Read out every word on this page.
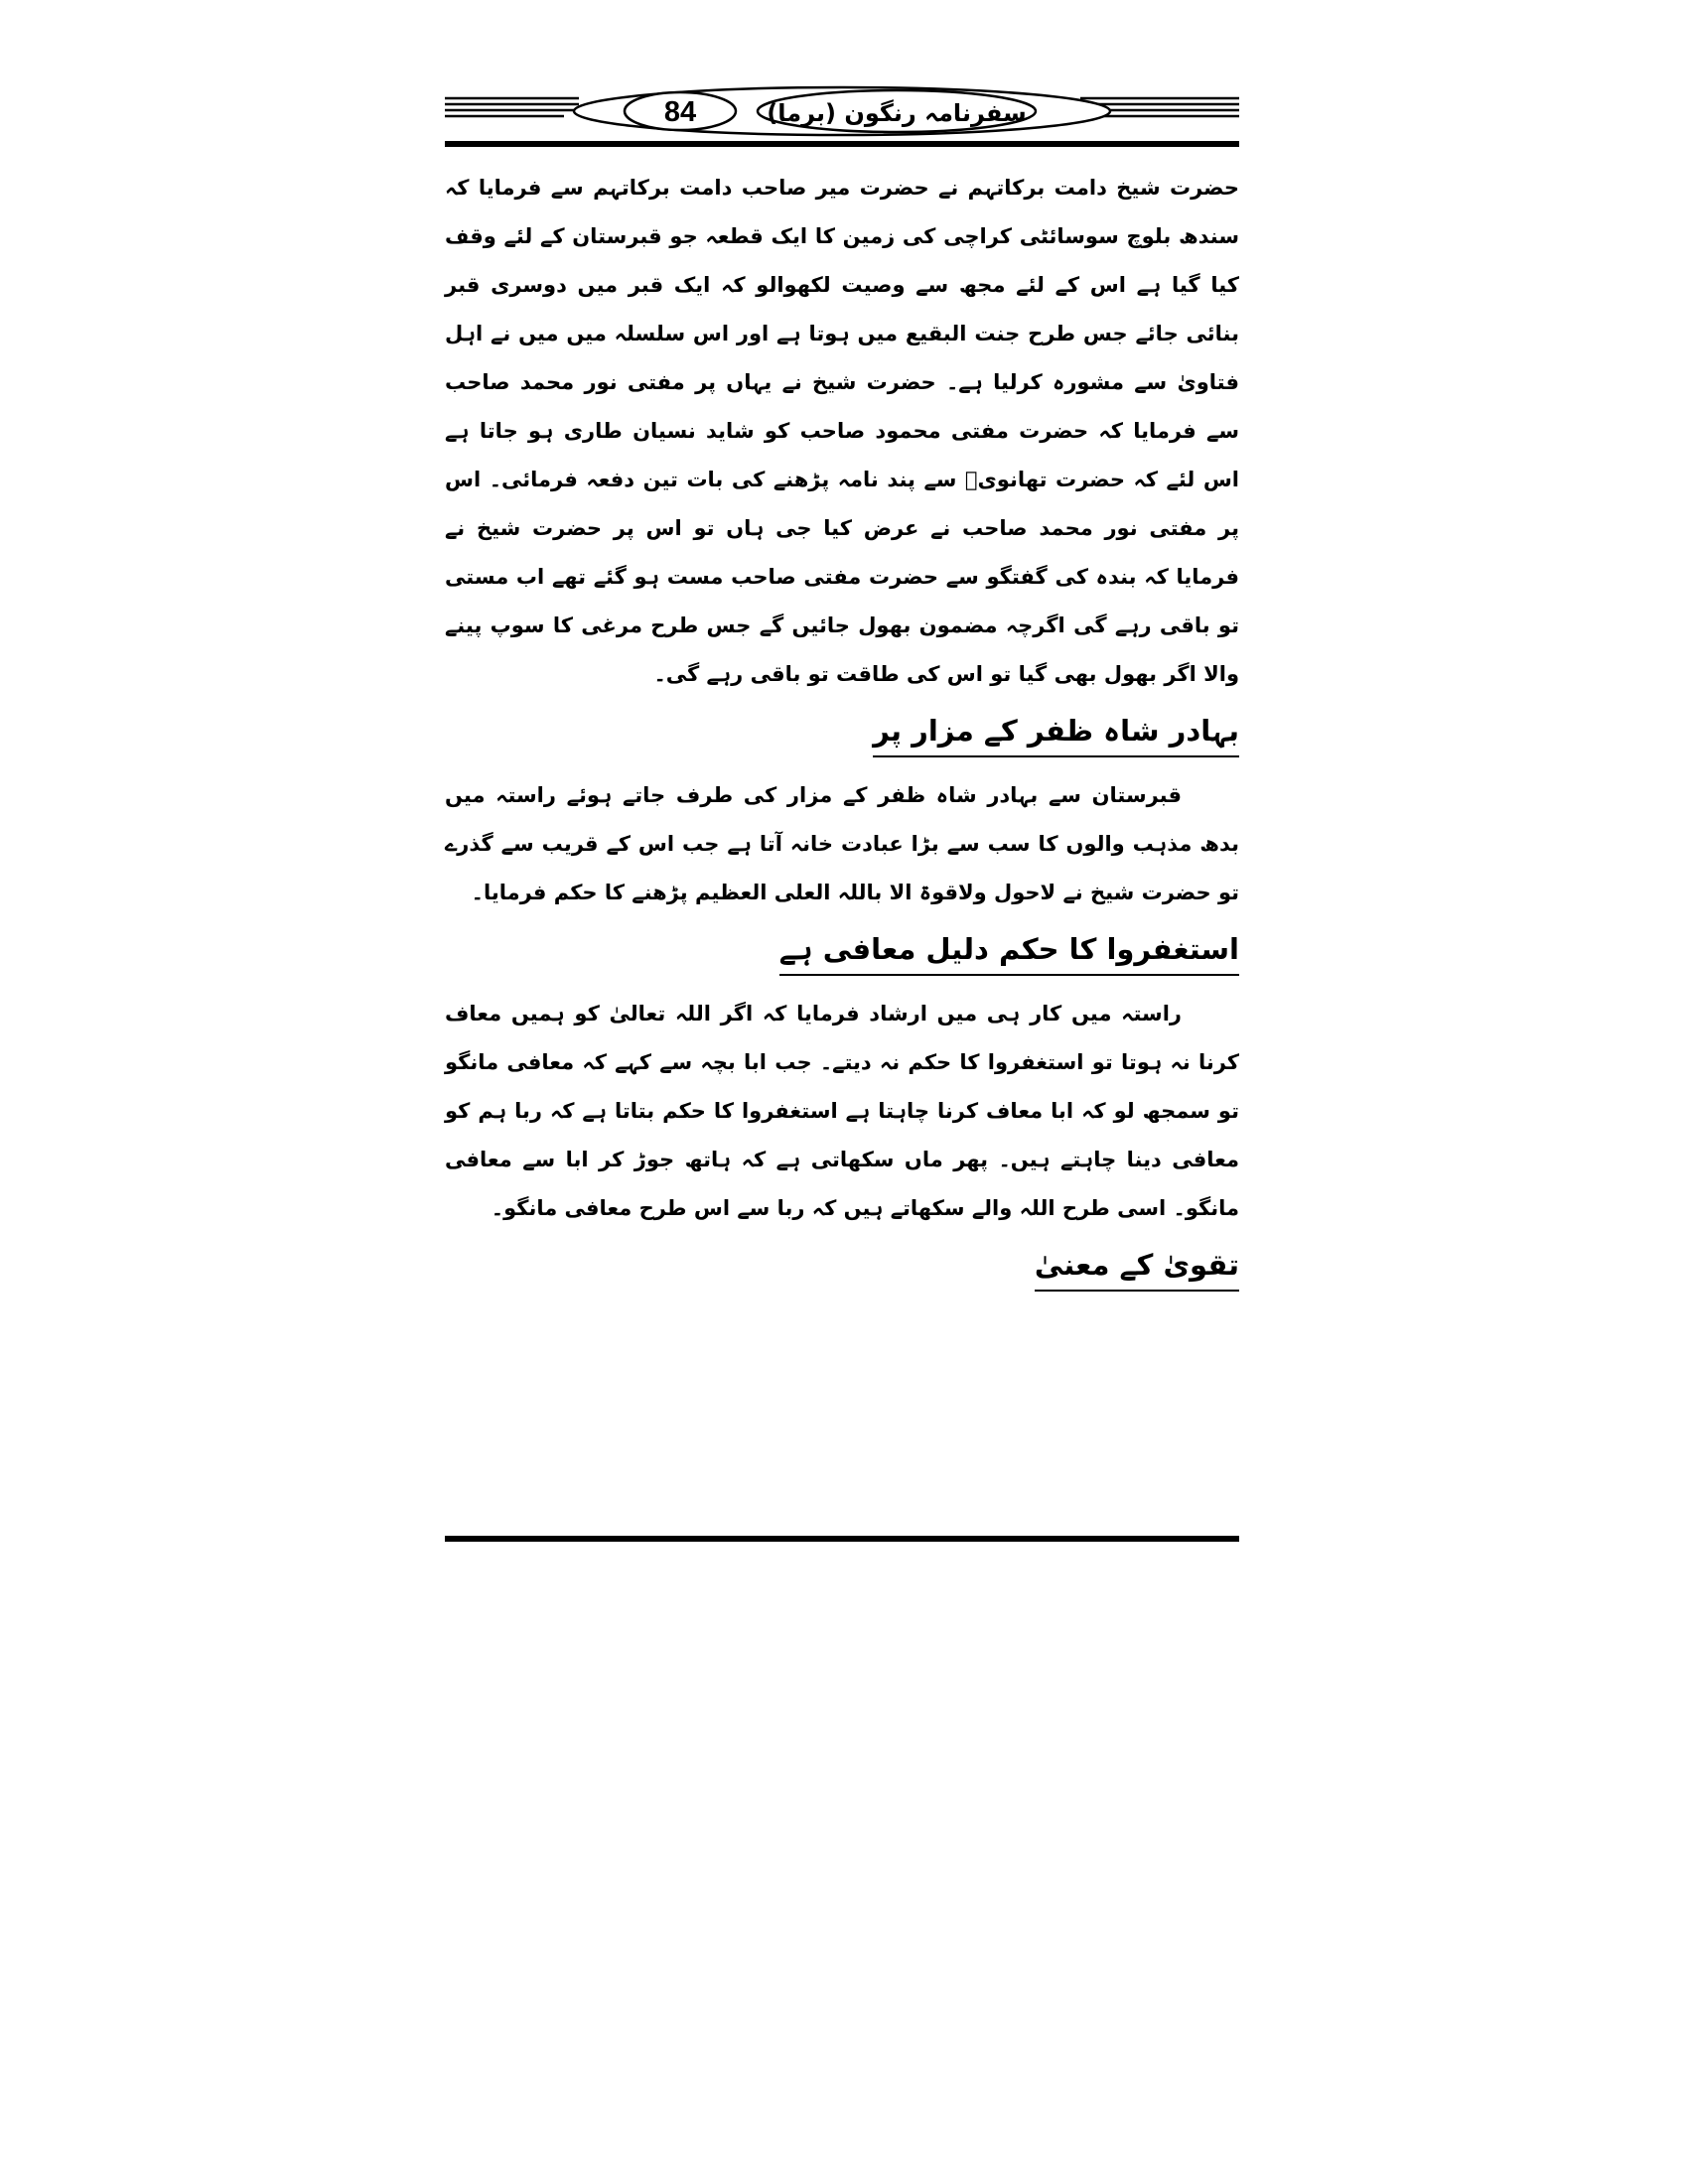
84	سفرنامہ رنگون (برما)

حضرت شیخ دامت برکاتہم نے حضرت میر صاحب دامت برکاتہم سے فرمایا کہ سندھ بلوچ سوسائٹی کراچی کی زمین کا ایک قطعہ جو قبرستان کے لئے وقف کیا گیا ہے اس کے لئے مجھ سے وصیت لکھوالو کہ ایک قبر میں دوسری قبر بنائی جائے جس طرح جنت البقیع میں ہوتا ہے اور اس سلسلہ میں میں نے اہل فتاویٰ سے مشورہ کرلیا ہے۔ حضرت شیخ نے یہاں پر مفتی نور محمد صاحب سے فرمایا کہ حضرت مفتی محمود صاحب کو شاید نسیان طاری ہو جاتا ہے اس لئے کہ حضرت تھانویؒ سے پند نامہ پڑھنے کی بات تین دفعہ فرمائی۔ اس پر مفتی نور محمد صاحب نے عرض کیا جی ہاں تو اس پر حضرت شیخ نے فرمایا کہ بندہ کی گفتگو سے حضرت مفتی صاحب مست ہو گئے تھے اب مستی تو باقی رہے گی اگرچہ مضمون بھول جائیں گے جس طرح مرغی کا سوپ پینے والا اگر بھول بھی گیا تو اس کی طاقت تو باقی رہے گی۔

بہادر شاہ ظفر کے مزار پر

قبرستان سے بہادر شاہ ظفر کے مزار کی طرف جاتے ہوئے راستہ میں بدھ مذہب والوں کا سب سے بڑا عبادت خانہ آتا ہے جب اس کے قریب سے گذرے تو حضرت شیخ نے لاحول ولاقوۃ الا باللہ العلی العظیم پڑھنے کا حکم فرمایا۔

استغفروا کا حکم دلیل معافی ہے

راستہ میں کار ہی میں ارشاد فرمایا کہ اگر اللہ تعالیٰ کو ہمیں معاف کرنا نہ ہوتا تو استغفروا کا حکم نہ دیتے۔ جب ابا بچہ سے کہے کہ معافی مانگو تو سمجھ لو کہ ابا معاف کرنا چاہتا ہے استغفروا کا حکم بتاتا ہے کہ ربا ہم کو معافی دینا چاہتے ہیں۔ پھر ماں سکھاتی ہے کہ ہاتھ جوڑ کر ابا سے معافی مانگو۔ اسی طرح اللہ والے سکھاتے ہیں کہ ربا سے اس طرح معافی مانگو۔

تقویٰ کے معنیٰ
